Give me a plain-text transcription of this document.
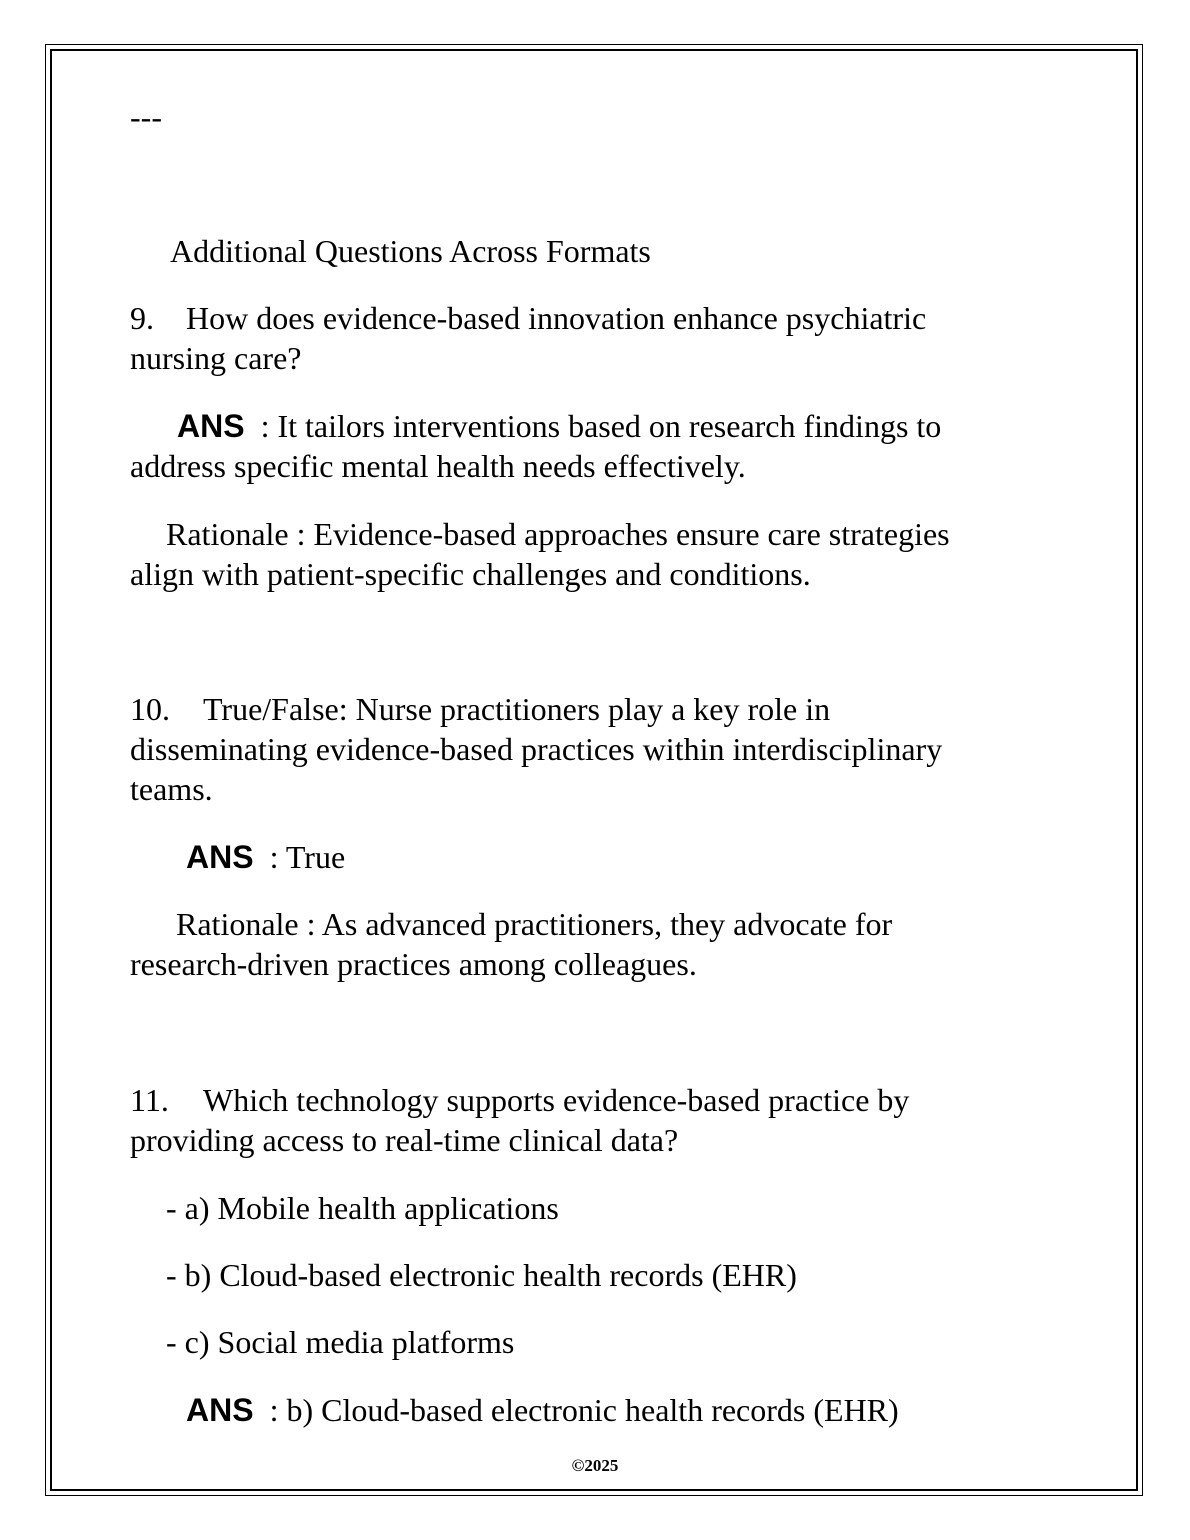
---
Additional Questions Across Formats
9. How does evidence-based innovation enhance psychiatric
nursing care?
ANS : It tailors interventions based on research findings to
address specific mental health needs effectively.
Rationale : Evidence-based approaches ensure care strategies
align with patient-specific challenges and conditions.
10. True/False: Nurse practitioners play a key role in
disseminating evidence-based practices within interdisciplinary
teams.
ANS : True
Rationale : As advanced practitioners, they advocate for
research-driven practices among colleagues.
11. Which technology supports evidence-based practice by
providing access to real-time clinical data?
- a) Mobile health applications
- b) Cloud-based electronic health records (EHR)
- c) Social media platforms
ANS : b) Cloud-based electronic health records (EHR)
©2025
